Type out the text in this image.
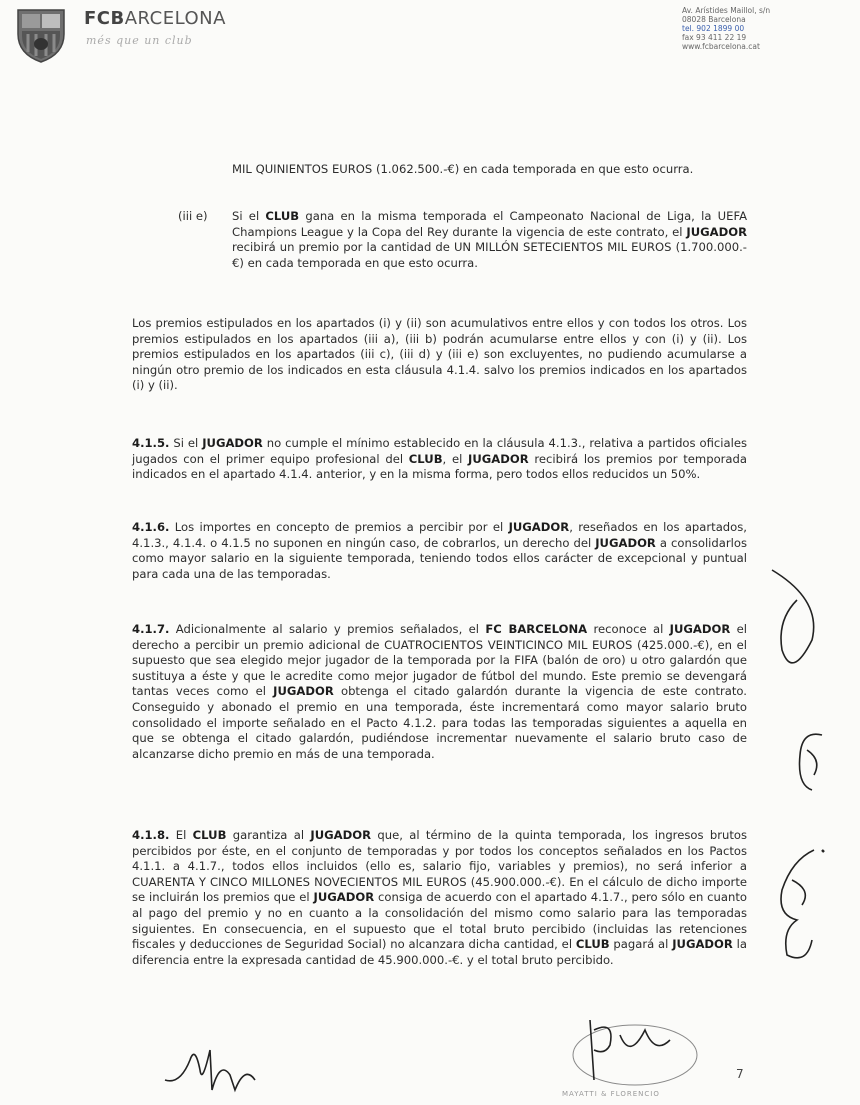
FCBARCELONA
més que un club
Av. Arístides Maillol, s/n
08028 Barcelona
tel. 902 1899 00
fax 93 411 22 19
www.fcbarcelona.cat
MIL QUINIENTOS EUROS (1.062.500.-€) en cada temporada en que esto ocurra.
(iii e) Si el CLUB gana en la misma temporada el Campeonato Nacional de Liga, la UEFA Champions League y la Copa del Rey durante la vigencia de este contrato, el JUGADOR recibirá un premio por la cantidad de UN MILLÓN SETECIENTOS MIL EUROS (1.700.000.-€) en cada temporada en que esto ocurra.
Los premios estipulados en los apartados (i) y (ii) son acumulativos entre ellos y con todos los otros. Los premios estipulados en los apartados (iii a), (iii b) podrán acumularse entre ellos y con (i) y (ii). Los premios estipulados en los apartados (iii c), (iii d) y (iii e) son excluyentes, no pudiendo acumularse a ningún otro premio de los indicados en esta cláusula 4.1.4. salvo los premios indicados en los apartados (i) y (ii).
4.1.5. Si el JUGADOR no cumple el mínimo establecido en la cláusula 4.1.3., relativa a partidos oficiales jugados con el primer equipo profesional del CLUB, el JUGADOR recibirá los premios por temporada indicados en el apartado 4.1.4. anterior, y en la misma forma, pero todos ellos reducidos un 50%.
4.1.6. Los importes en concepto de premios a percibir por el JUGADOR, reseñados en los apartados, 4.1.3., 4.1.4. o 4.1.5 no suponen en ningún caso, de cobrarlos, un derecho del JUGADOR a consolidarlos como mayor salario en la siguiente temporada, teniendo todos ellos carácter de excepcional y puntual para cada una de las temporadas.
4.1.7. Adicionalmente al salario y premios señalados, el FC BARCELONA reconoce al JUGADOR el derecho a percibir un premio adicional de CUATROCIENTOS VEINTICINCO MIL EUROS (425.000.-€), en el supuesto que sea elegido mejor jugador de la temporada por la FIFA (balón de oro) u otro galardón que sustituya a éste y que le acredite como mejor jugador de fútbol del mundo. Este premio se devengará tantas veces como el JUGADOR obtenga el citado galardón durante la vigencia de este contrato. Conseguido y abonado el premio en una temporada, éste incrementará como mayor salario bruto consolidado el importe señalado en el Pacto 4.1.2. para todas las temporadas siguientes a aquella en que se obtenga el citado galardón, pudiéndose incrementar nuevamente el salario bruto caso de alcanzarse dicho premio en más de una temporada.
4.1.8. El CLUB garantiza al JUGADOR que, al término de la quinta temporada, los ingresos brutos percibidos por éste, en el conjunto de temporadas y por todos los conceptos señalados en los Pactos 4.1.1. a 4.1.7., todos ellos incluidos (ello es, salario fijo, variables y premios), no será inferior a CUARENTA Y CINCO MILLONES NOVECIENTOS MIL EUROS (45.900.000.-€). En el cálculo de dicho importe se incluirán los premios que el JUGADOR consiga de acuerdo con el apartado 4.1.7., pero sólo en cuanto al pago del premio y no en cuanto a la consolidación del mismo como salario para las temporadas siguientes. En consecuencia, en el supuesto que el total bruto percibido (incluidas las retenciones fiscales y deducciones de Seguridad Social) no alcanzara dicha cantidad, el CLUB pagará al JUGADOR la diferencia entre la expresada cantidad de 45.900.000.-€. y el total bruto percibido.
MAYATTI & FLORENCIO
7
